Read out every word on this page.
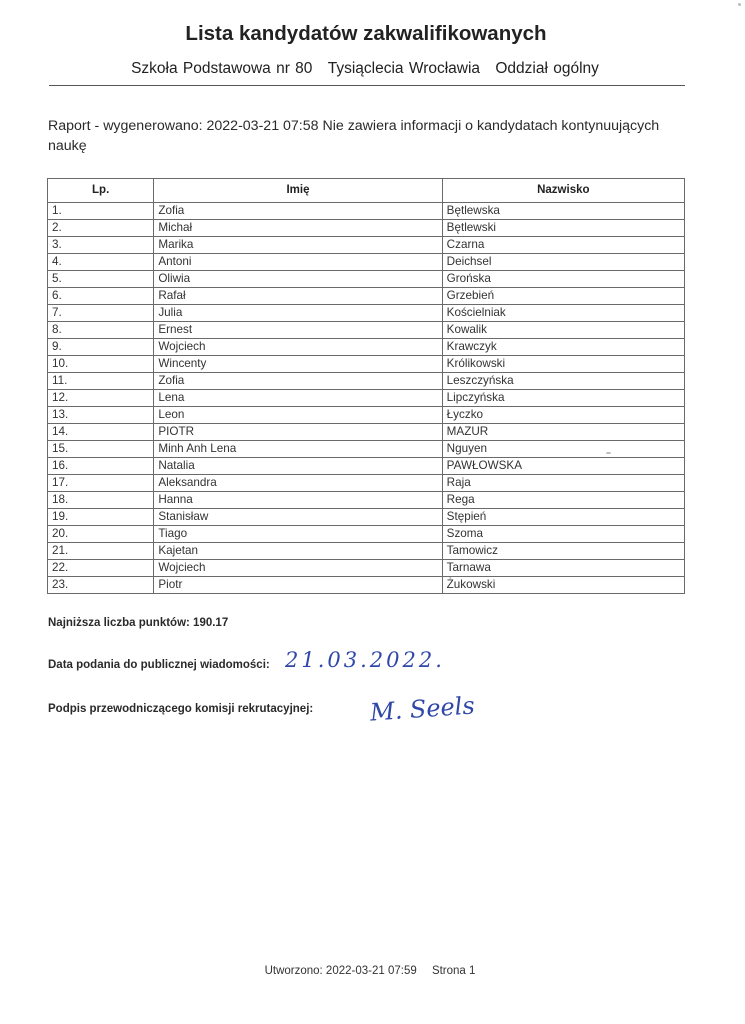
Lista kandydatów zakwalifikowanych
Szkoła Podstawowa nr 80 Tysiąclecia Wrocławia Oddział ogólny
Raport - wygenerowano: 2022-03-21 07:58 Nie zawiera informacji o kandydatach kontynuujących naukę
Lp.	Imię	Nazwisko
1.	Zofia	Bętlewska
2.	Michał	Bętlewski
3.	Marika	Czarna
4.	Antoni	Deichsel
5.	Oliwia	Grońska
6.	Rafał	Grzebień
7.	Julia	Kościelniak
8.	Ernest	Kowalik
9.	Wojciech	Krawczyk
10.	Wincenty	Królikowski
11.	Zofia	Leszczyńska
12.	Lena	Lipczyńska
13.	Leon	Łyczko
14.	PIOTR	MAZUR
15.	Minh Anh Lena	Nguyen
16.	Natalia	PAWŁOWSKA
17.	Aleksandra	Raja
18.	Hanna	Rega
19.	Stanisław	Stępień
20.	Tiago	Szoma
21.	Kajetan	Tamowicz
22.	Wojciech	Tarnawa
23.	Piotr	Żukowski
Najniższa liczba punktów: 190.17
Data podania do publicznej wiadomości: 21.03.2022.
Podpis przewodniczącego komisji rekrutacyjnej: M. Seels
Utworzono: 2022-03-21 07:59 Strona 1
